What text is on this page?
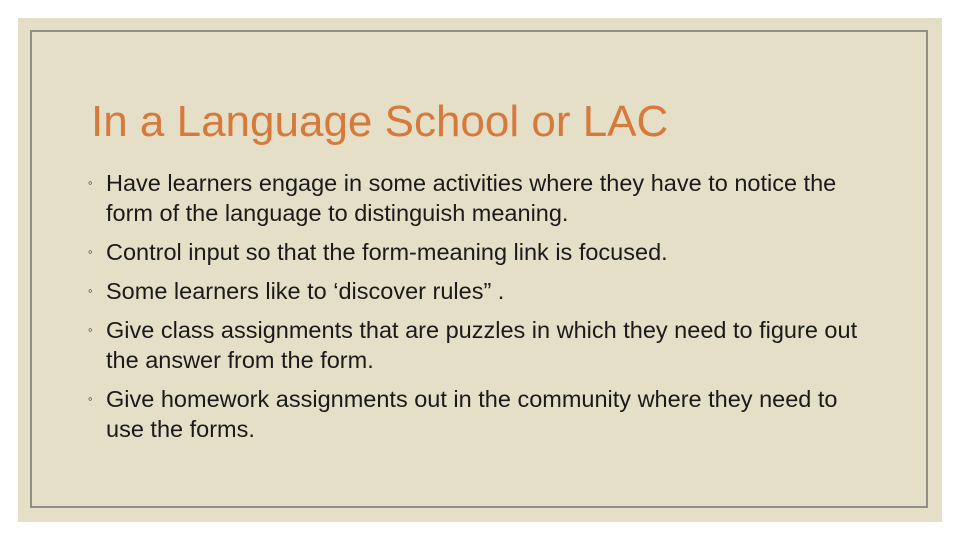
In a Language School or LAC
◦ Have learners engage in some activities where they have to notice the form of the language to distinguish meaning.
◦ Control input so that the form-meaning link is focused.
◦ Some learners like to ‘discover rules” .
◦ Give class assignments that are puzzles in which they need to figure out the answer from the form.
◦ Give homework assignments out in the community where they need to use the forms.
